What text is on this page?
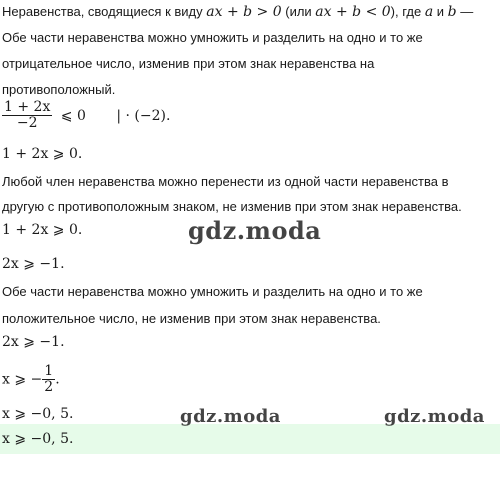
Неравенства, сводящиеся к виду ax + b > 0 (или ax + b < 0), где a и b —
Обе части неравенства можно умножить и разделить на одно и то же
отрицательное число, изменив при этом знак неравенства на
противоположный.
$\frac{1 + 2x}{-2}$ ⩽ 0 | · (−2).
1 + 2x ⩾ 0.
Любой член неравенства можно перенести из одной части неравенства в
другую с противоположным знаком, не изменив при этом знак неравенства.
1 + 2x ⩾ 0.	gdz.moda
2x ⩾ −1.
Обе части неравенства можно умножить и разделить на одно и то же
положительное число, не изменив при этом знак неравенства.
2x ⩾ −1.
x ⩾ − $\frac{1}{2}$ .
x ⩾ −0, 5.	gdz.moda	gdz.moda
x ⩾ −0, 5.
